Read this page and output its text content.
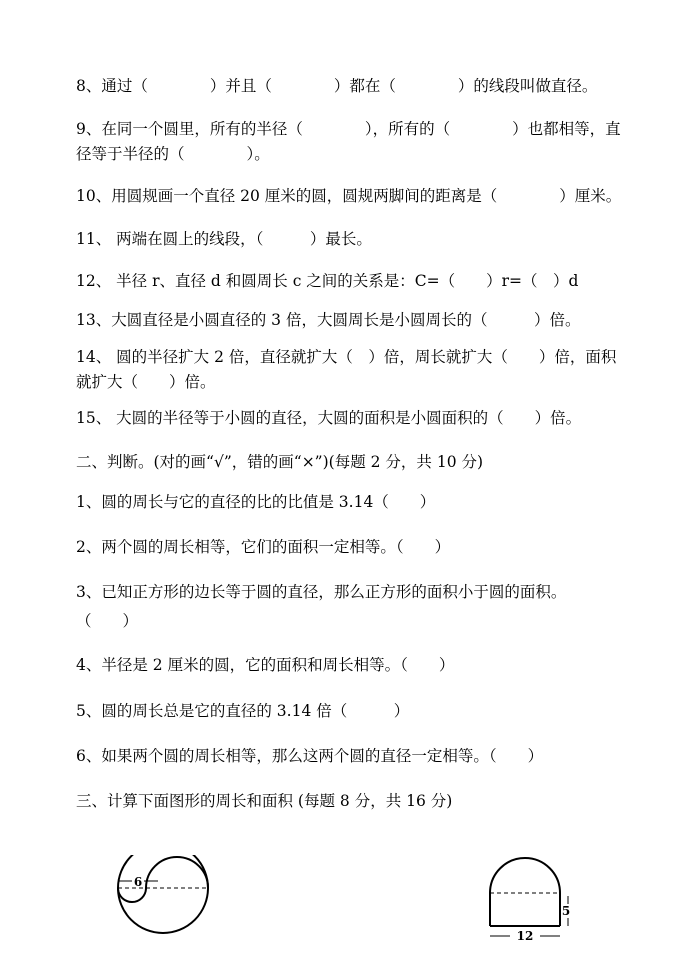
8、通过（　　　　）并且（　　　　）都在（　　　　）的线段叫做直径。
9、在同一个圆里，所有的半径（　　　　），所有的（　　　　）也都相等，直
径等于半径的（　　　　）。
10、用圆规画一个直径 20 厘米的圆，圆规两脚间的距离是（　　　　）厘米。
11、 两端在圆上的线段，（　　　）最长。
12、 半径 r、直径 d 和圆周长 c 之间的关系是：C=（　　）r=（　）d
13、大圆直径是小圆直径的 3 倍，大圆周长是小圆周长的（　　　）倍。
14、 圆的半径扩大 2 倍，直径就扩大（　）倍，周长就扩大（　　）倍，面积
就扩大（　　）倍。
15、 大圆的半径等于小圆的直径，大圆的面积是小圆面积的（　　）倍。
二、判断。(对的画“√”，错的画“×”)(每题 2 分，共 10 分)
1、圆的周长与它的直径的比的比值是 3.14（　　）
2、两个圆的周长相等，它们的面积一定相等。（　　）
3、已知正方形的边长等于圆的直径，那么正方形的面积小于圆的面积。
（　　）
4、半径是 2 厘米的圆，它的面积和周长相等。（　　）
5、圆的周长总是它的直径的 3.14 倍（　　　）
6、如果两个圆的周长相等，那么这两个圆的直径一定相等。（　　）
三、计算下面图形的周长和面积 (每题 8 分，共 16 分)
6
5
12
